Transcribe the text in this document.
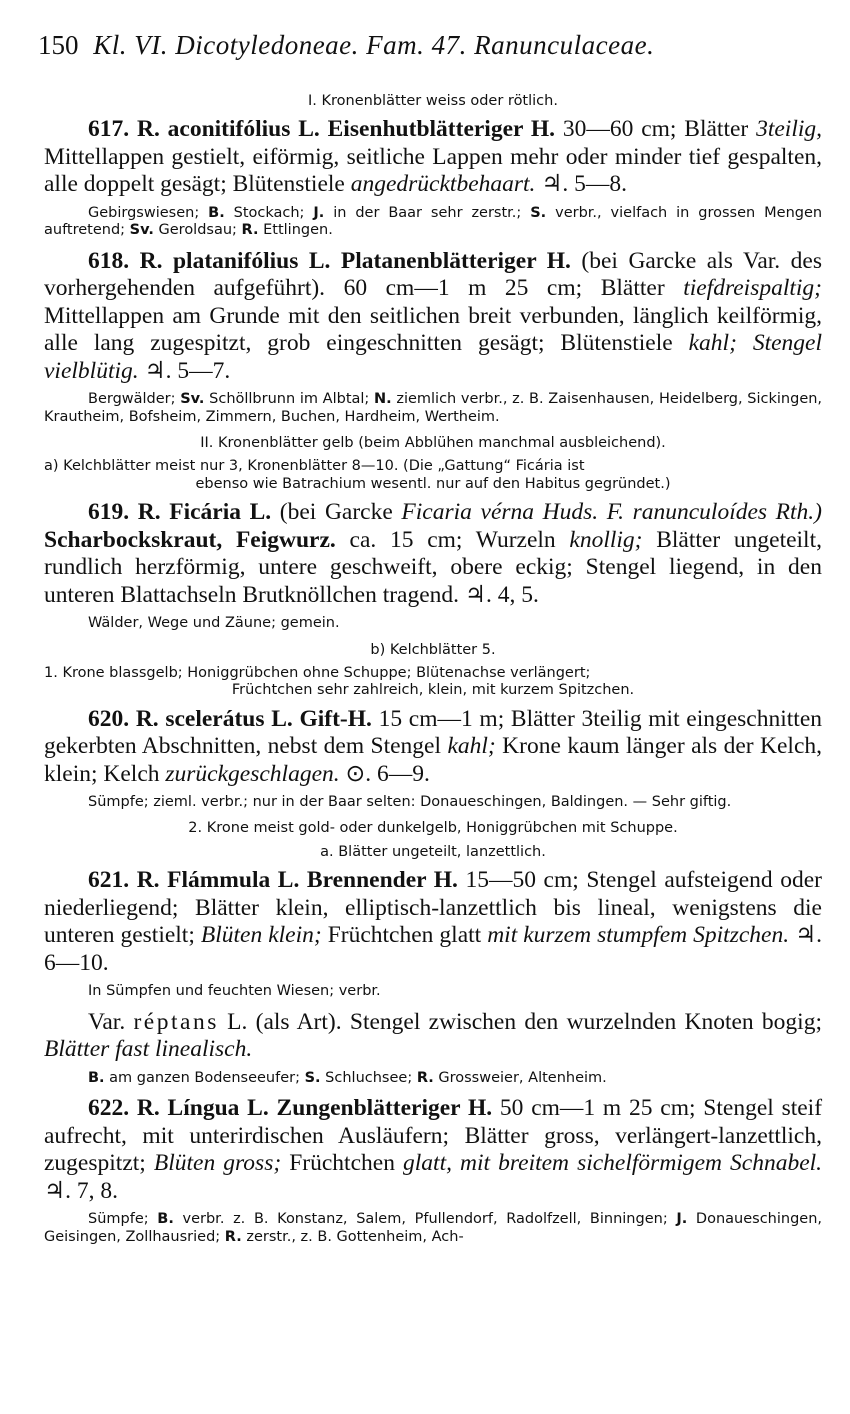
150 Kl. VI. Dicotyledoneae. Fam. 47. Ranunculaceae.
I. Kronenblätter weiss oder rötlich.

617. R. aconitifólius L. Eisenhutblätteriger H. 30—60 cm; Blätter 3teilig, Mittellappen gestielt, eiförmig, seitliche Lappen mehr oder minder tief gespalten, alle doppelt gesägt; Blütenstiele angedrücktbehaart. ♃. 5—8.

Gebirgswiesen; B. Stockach; J. in der Baar sehr zerstr.; S. verbr., vielfach in grossen Mengen auftretend; Sv. Geroldsau; R. Ettlingen.

618. R. platanifólius L. Platanenblätteriger H. (bei Garcke als Var. des vorhergehenden aufgeführt). 60 cm—1 m 25 cm; Blätter tiefdreispaltig; Mittellappen am Grunde mit den seitlichen breit verbunden, länglich keilförmig, alle lang zugespitzt, grob eingeschnitten gesägt; Blütenstiele kahl; Stengel vielblütig. ♃. 5—7.

Bergwälder; Sv. Schöllbrunn im Albtal; N. ziemlich verbr., z. B. Zaisenhausen, Heidelberg, Sickingen, Krautheim, Bofsheim, Zimmern, Buchen, Hardheim, Wertheim.
II. Kronenblätter gelb (beim Abblühen manchmal ausbleichend).
a) Kelchblätter meist nur 3, Kronenblätter 8—10. (Die „Gattung“ Ficária ist
ebenso wie Batrachium wesentl. nur auf den Habitus gegründet.)

619. R. Ficária L. (bei Garcke Ficaria vérna Huds. F. ranunculoídes Rth.) Scharbockskraut, Feigwurz. ca. 15 cm; Wurzeln knollig; Blätter ungeteilt, rundlich herzförmig, untere geschweift, obere eckig; Stengel liegend, in den unteren Blattachseln Brutknöllchen tragend. ♃. 4, 5.

Wälder, Wege und Zäune; gemein.
b) Kelchblätter 5.
1. Krone blassgelb; Honiggrübchen ohne Schuppe; Blütenachse verlängert;
Früchtchen sehr zahlreich, klein, mit kurzem Spitzchen.

620. R. scelerátus L. Gift-H. 15 cm—1 m; Blätter 3teilig mit eingeschnitten gekerbten Abschnitten, nebst dem Stengel kahl; Krone kaum länger als der Kelch, klein; Kelch zurückgeschlagen. ⊙. 6—9.

Sümpfe; zieml. verbr.; nur in der Baar selten: Donaueschingen, Baldingen. — Sehr giftig.
2. Krone meist gold- oder dunkelgelb, Honiggrübchen mit Schuppe.
a. Blätter ungeteilt, lanzettlich.

621. R. Flámmula L. Brennender H. 15—50 cm; Stengel aufsteigend oder niederliegend; Blätter klein, elliptisch-lanzettlich bis lineal, wenigstens die unteren gestielt; Blüten klein; Früchtchen glatt mit kurzem stumpfem Spitzchen. ♃. 6—10.

In Sümpfen und feuchten Wiesen; verbr.

Var. réptans L. (als Art). Stengel zwischen den wurzelnden Knoten bogig; Blätter fast linealisch.

B. am ganzen Bodenseeufer; S. Schluchsee; R. Grossweier, Altenheim.

622. R. Língua L. Zungenblätteriger H. 50 cm—1 m 25 cm; Stengel steif aufrecht, mit unterirdischen Ausläufern; Blätter gross, verlängert-lanzettlich, zugespitzt; Blüten gross; Früchtchen glatt, mit breitem sichelförmigem Schnabel. ♃. 7, 8.

Sümpfe; B. verbr. z. B. Konstanz, Salem, Pfullendorf, Radolfzell, Binningen; J. Donaueschingen, Geisingen, Zollhausried; R. zerstr., z. B. Gottenheim, Ach-
